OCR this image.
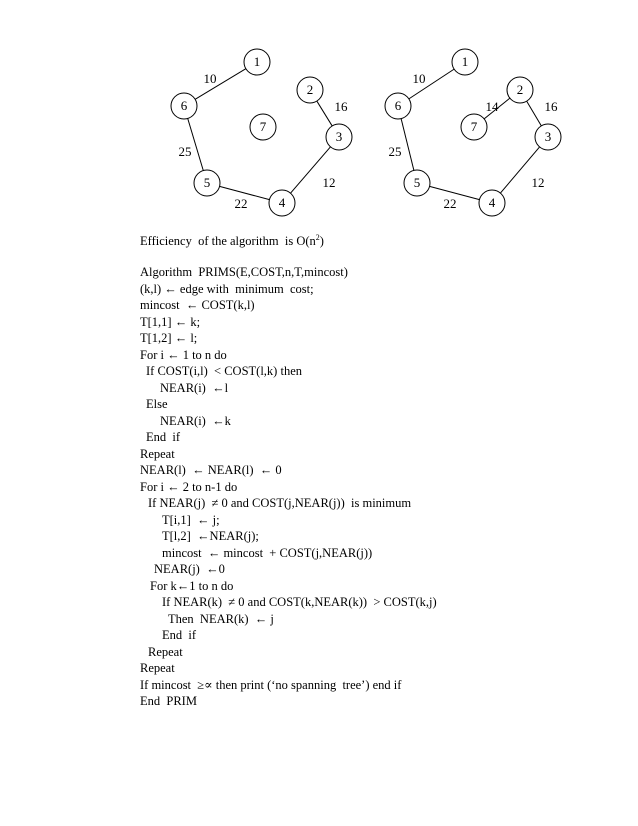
10
25
22
12
16
1
2
3
4
5
6
7
10
25
22
12
16
14
1
2
3
4
5
6
7
Efficiency  of the algorithm  is $O(n^2)$
Algorithm  PRIMS(E,COST,n,T,mincost)
(k,l) ← edge with  minimum  cost;
mincost  ← COST(k,l)
T[1,1] ← k;
T[1,2] ← l;
For i ← 1 to n do
If COST(i,l)  < COST(l,k) then
NEAR(i)  ←l
Else
NEAR(i)  ←k
End  if
Repeat
NEAR(l)  ← NEAR(l)  ← 0
For i ← 2 to n-1 do
If NEAR(j)  ≠ 0 and COST(j,NEAR(j))  is minimum
T[i,1]  ← j;
T[l,2]  ←NEAR(j);
mincost  ← mincost  + COST(j,NEAR(j))
NEAR(j)  ←0
For k←1 to n do
If NEAR(k)  ≠ 0 and COST(k,NEAR(k))  > COST(k,j)
Then  NEAR(k)  ← j
End  if
Repeat
Repeat
If mincost  ≥∝ then print (‘no spanning  tree’) end if
End  PRIM
